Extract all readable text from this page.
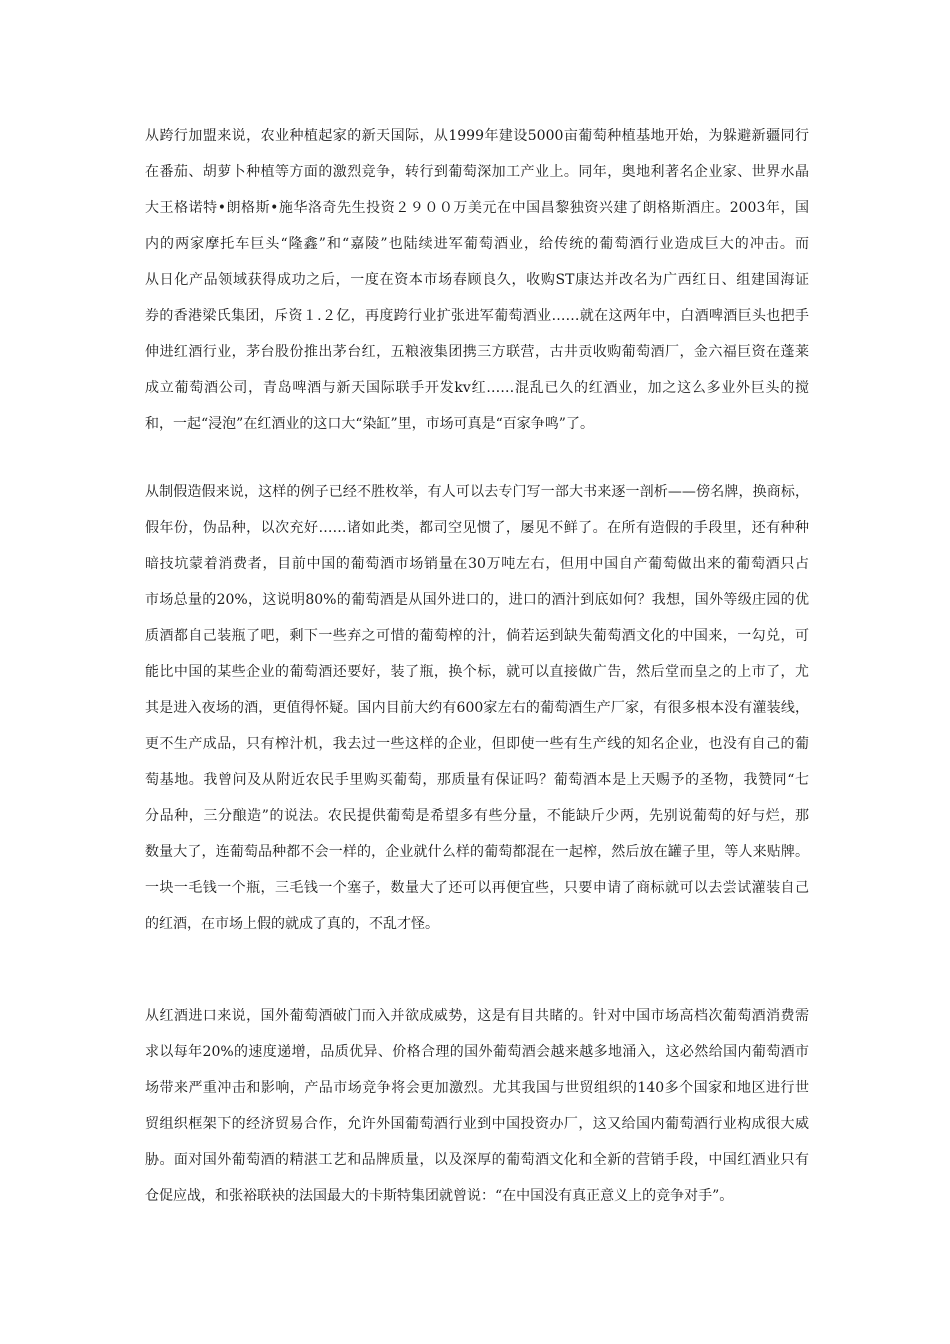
从跨行加盟来说，农业种植起家的新天国际，从1999年建设5000亩葡萄种植基地开始，为躲避新疆同行
在番茄、胡萝卜种植等方面的激烈竞争，转行到葡萄深加工产业上。同年，奥地利著名企业家、世界水晶
大王格诺特•朗格斯•施华洛奇先生投资２９００万美元在中国昌黎独资兴建了朗格斯酒庄。2003年，国
内的两家摩托车巨头“隆鑫”和“嘉陵”也陆续进军葡萄酒业，给传统的葡萄酒行业造成巨大的冲击。而
从日化产品领域获得成功之后，一度在资本市场春顾良久，收购ST康达并改名为广西红日、组建国海证
券的香港梁氏集团，斥资１.２亿，再度跨行业扩张进军葡萄酒业……就在这两年中，白酒啤酒巨头也把手
伸进红酒行业，茅台股份推出茅台红，五粮液集团携三方联营，古井贡收购葡萄酒厂，金六福巨资在蓬莱
成立葡萄酒公司，青岛啤酒与新天国际联手开发kv红……混乱已久的红酒业，加之这么多业外巨头的搅
和，一起“浸泡”在红酒业的这口大“染缸”里，市场可真是“百家争鸣”了。
从制假造假来说，这样的例子已经不胜枚举，有人可以去专门写一部大书来逐一剖析——傍名牌，换商标，
假年份，伪品种，以次充好……诸如此类，都司空见惯了，屡见不鲜了。在所有造假的手段里，还有种种
暗技坑蒙着消费者，目前中国的葡萄酒市场销量在30万吨左右，但用中国自产葡萄做出来的葡萄酒只占
市场总量的20%，这说明80%的葡萄酒是从国外进口的，进口的酒汁到底如何？我想，国外等级庄园的优
质酒都自己装瓶了吧，剩下一些弃之可惜的葡萄榨的汁，倘若运到缺失葡萄酒文化的中国来，一勾兑，可
能比中国的某些企业的葡萄酒还要好，装了瓶，换个标，就可以直接做广告，然后堂而皇之的上市了，尤
其是进入夜场的酒，更值得怀疑。国内目前大约有600家左右的葡萄酒生产厂家，有很多根本没有灌装线，
更不生产成品，只有榨汁机，我去过一些这样的企业，但即使一些有生产线的知名企业，也没有自己的葡
萄基地。我曾问及从附近农民手里购买葡萄，那质量有保证吗？葡萄酒本是上天赐予的圣物，我赞同“七
分品种，三分酿造”的说法。农民提供葡萄是希望多有些分量，不能缺斤少两，先别说葡萄的好与烂，那
数量大了，连葡萄品种都不会一样的，企业就什么样的葡萄都混在一起榨，然后放在罐子里，等人来贴牌。
一块一毛钱一个瓶，三毛钱一个塞子，数量大了还可以再便宜些，只要申请了商标就可以去尝试灌装自己
的红酒，在市场上假的就成了真的，不乱才怪。
从红酒进口来说，国外葡萄酒破门而入并欲成威势，这是有目共睹的。针对中国市场高档次葡萄酒消费需
求以每年20%的速度递增，品质优异、价格合理的国外葡萄酒会越来越多地涌入，这必然给国内葡萄酒市
场带来严重冲击和影响，产品市场竞争将会更加激烈。尤其我国与世贸组织的140多个国家和地区进行世
贸组织框架下的经济贸易合作，允许外国葡萄酒行业到中国投资办厂，这又给国内葡萄酒行业构成很大威
胁。面对国外葡萄酒的精湛工艺和品牌质量，以及深厚的葡萄酒文化和全新的营销手段，中国红酒业只有
仓促应战，和张裕联袂的法国最大的卡斯特集团就曾说：“在中国没有真正意义上的竞争对手”。
